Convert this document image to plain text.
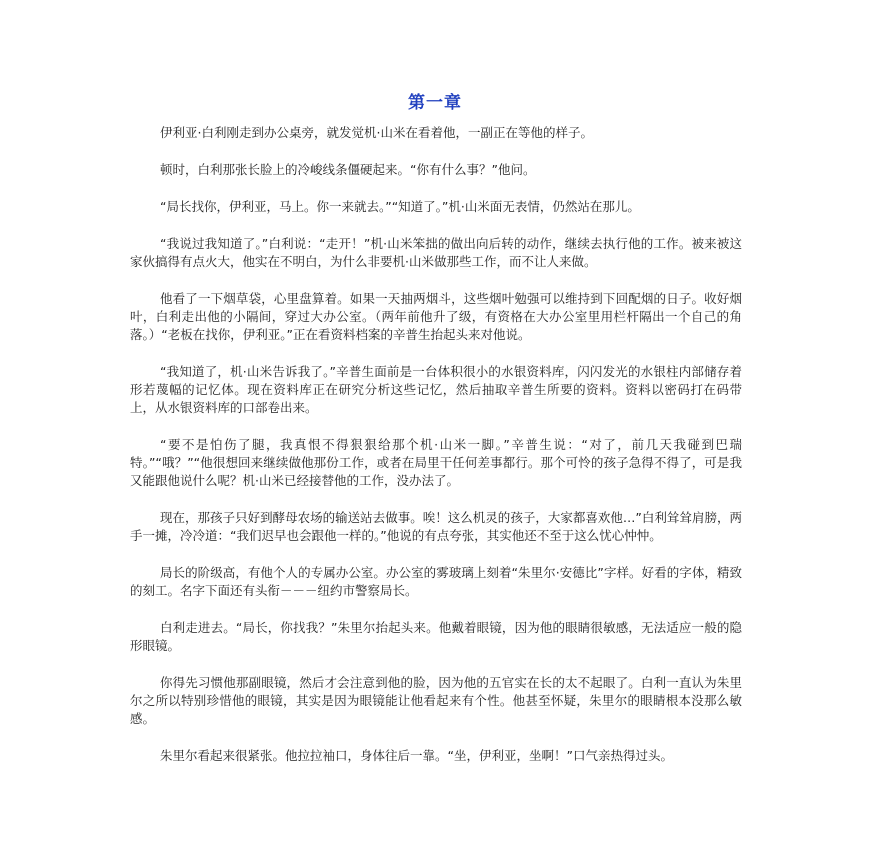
第一章

伊利亚·白利刚走到办公桌旁，就发觉机·山米在看着他，一副正在等他的样子。

顿时，白利那张长脸上的冷峻线条僵硬起来。“你有什么事？”他问。

“局长找你，伊利亚，马上。你一来就去。”“知道了。”机·山米面无表情，仍然站在那儿。

“我说过我知道了。”白利说：“走开！”机·山米笨拙的做出向后转的动作，继续去执行他的工作。被来被这家伙搞得有点火大，他实在不明白，为什么非要机·山米做那些工作，而不让人来做。

他看了一下烟草袋，心里盘算着。如果一天抽两烟斗，这些烟叶勉强可以维持到下回配烟的日子。收好烟叶，白利走出他的小隔间，穿过大办公室。（两年前他升了级，有资格在大办公室里用栏杆隔出一个自己的角落。）“老板在找你，伊利亚。”正在看资料档案的辛普生抬起头来对他说。

“我知道了，机·山米告诉我了。”辛普生面前是一台体积很小的水银资料库，闪闪发光的水银柱内部储存着形若蔑幅的记忆体。现在资料库正在研究分析这些记忆，然后抽取辛普生所要的资料。资料以密码打在码带上，从水银资料库的口部卷出来。

“要不是怕伤了腿，我真恨不得狠狠给那个机·山米一脚。”辛普生说：“对了，前几天我碰到巴瑞特。”“哦？”“他很想回来继续做他那份工作，或者在局里干任何差事都行。那个可怜的孩子急得不得了，可是我又能跟他说什么呢？机·山米已经接替他的工作，没办法了。

现在，那孩子只好到酵母农场的输送站去做事。唉！这么机灵的孩子，大家都喜欢他…”白利耸耸肩膀，两手一摊，冷冷道：“我们迟早也会跟他一样的。”他说的有点夸张，其实他还不至于这么忧心忡忡。

局长的阶级高，有他个人的专属办公室。办公室的雾玻璃上刻着“朱里尔·安德比”字样。好看的字体，精致的刻工。名字下面还有头衔－－－纽约市警察局长。

白利走进去。“局长，你找我？”朱里尔抬起头来。他戴着眼镜，因为他的眼睛很敏感，无法适应一般的隐形眼镜。

你得先习惯他那副眼镜，然后才会注意到他的脸，因为他的五官实在长的太不起眼了。白利一直认为朱里尔之所以特别珍惜他的眼镜，其实是因为眼镜能让他看起来有个性。他甚至怀疑，朱里尔的眼睛根本没那么敏感。

朱里尔看起来很紧张。他拉拉袖口，身体往后一靠。“坐，伊利亚，坐啊！”口气亲热得过头。
